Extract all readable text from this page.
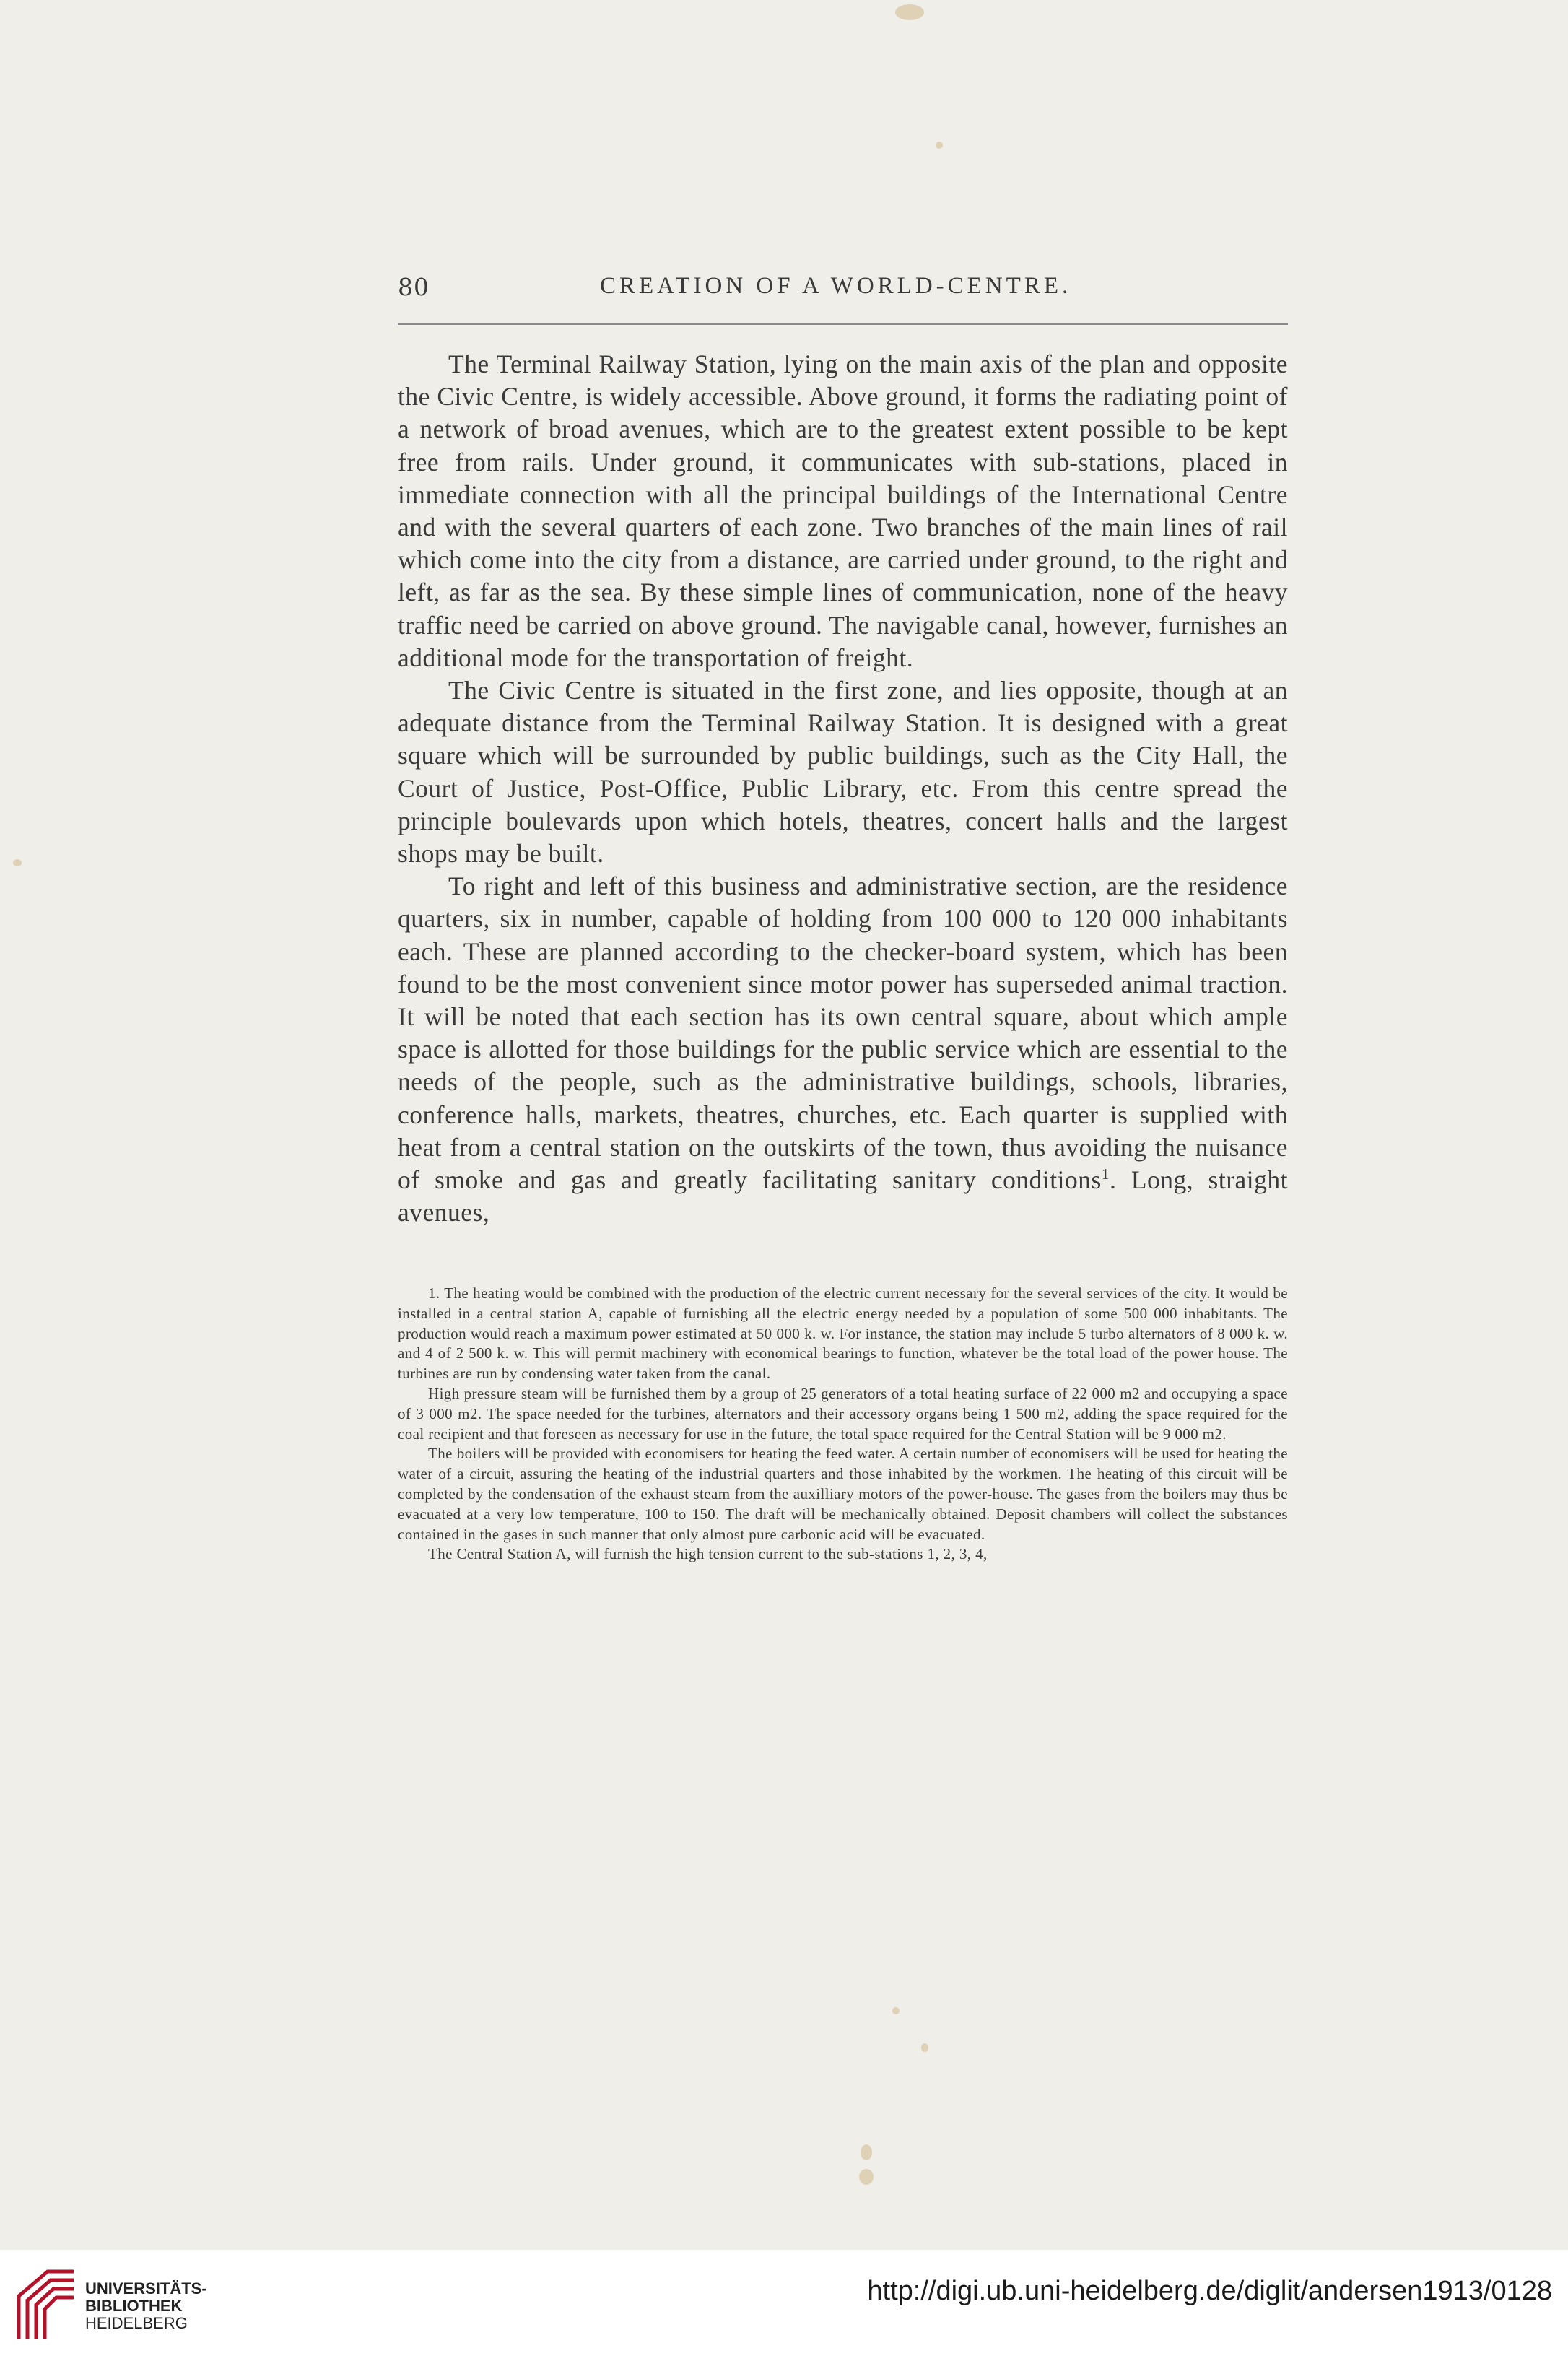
80	CREATION OF A WORLD-CENTRE.

The Terminal Railway Station, lying on the main axis of the plan and opposite the Civic Centre, is widely accessible. Above ground, it forms the radiating point of a network of broad avenues, which are to the greatest extent possible to be kept free from rails. Under ground, it communicates with sub-stations, placed in immediate connection with all the principal buildings of the International Centre and with the several quarters of each zone. Two branches of the main lines of rail which come into the city from a distance, are carried under ground, to the right and left, as far as the sea. By these simple lines of communication, none of the heavy traffic need be carried on above ground. The navigable canal, however, furnishes an additional mode for the transportation of freight.

The Civic Centre is situated in the first zone, and lies opposite, though at an adequate distance from the Terminal Railway Station. It is designed with a great square which will be surrounded by public buildings, such as the City Hall, the Court of Justice, Post-Office, Public Library, etc. From this centre spread the principle boulevards upon which hotels, theatres, concert halls and the largest shops may be built.

To right and left of this business and administrative section, are the residence quarters, six in number, capable of holding from 100 000 to 120 000 inhabitants each. These are planned according to the checker-board system, which has been found to be the most convenient since motor power has superseded animal traction. It will be noted that each section has its own central square, about which ample space is allotted for those buildings for the public service which are essential to the needs of the people, such as the administrative buildings, schools, libraries, conference halls, markets, theatres, churches, etc. Each quarter is supplied with heat from a central station on the outskirts of the town, thus avoiding the nuisance of smoke and gas and greatly facilitating sanitary conditions$^1$. Long, straight avenues,

1. The heating would be combined with the production of the electric current necessary for the several services of the city. It would be installed in a central station A, capable of furnishing all the electric energy needed by a population of some 500 000 inhabitants. The production would reach a maximum power estimated at 50 000 k. w. For instance, the station may include 5 turbo alternators of 8 000 k. w. and 4 of 2 500 k. w. This will permit machinery with economical bearings to function, whatever be the total load of the power house. The turbines are run by condensing water taken from the canal.

High pressure steam will be furnished them by a group of 25 generators of a total heating surface of 22 000 m2 and occupying a space of 3 000 m2. The space needed for the turbines, alternators and their accessory organs being 1 500 m2, adding the space required for the coal recipient and that foreseen as necessary for use in the future, the total space required for the Central Station will be 9 000 m2.

The boilers will be provided with economisers for heating the feed water. A certain number of economisers will be used for heating the water of a circuit, assuring the heating of the industrial quarters and those inhabited by the workmen. The heating of this circuit will be completed by the condensation of the exhaust steam from the auxilliary motors of the power-house. The gases from the boilers may thus be evacuated at a very low temperature, 100 to 150. The draft will be mechanically obtained. Deposit chambers will collect the substances contained in the gases in such manner that only almost pure carbonic acid will be evacuated.

The Central Station A, will furnish the high tension current to the sub-stations 1, 2, 3, 4,

UNIVERSITÄTS-
BIBLIOTHEK
HEIDELBERG
http://digi.ub.uni-heidelberg.de/diglit/andersen1913/0128
